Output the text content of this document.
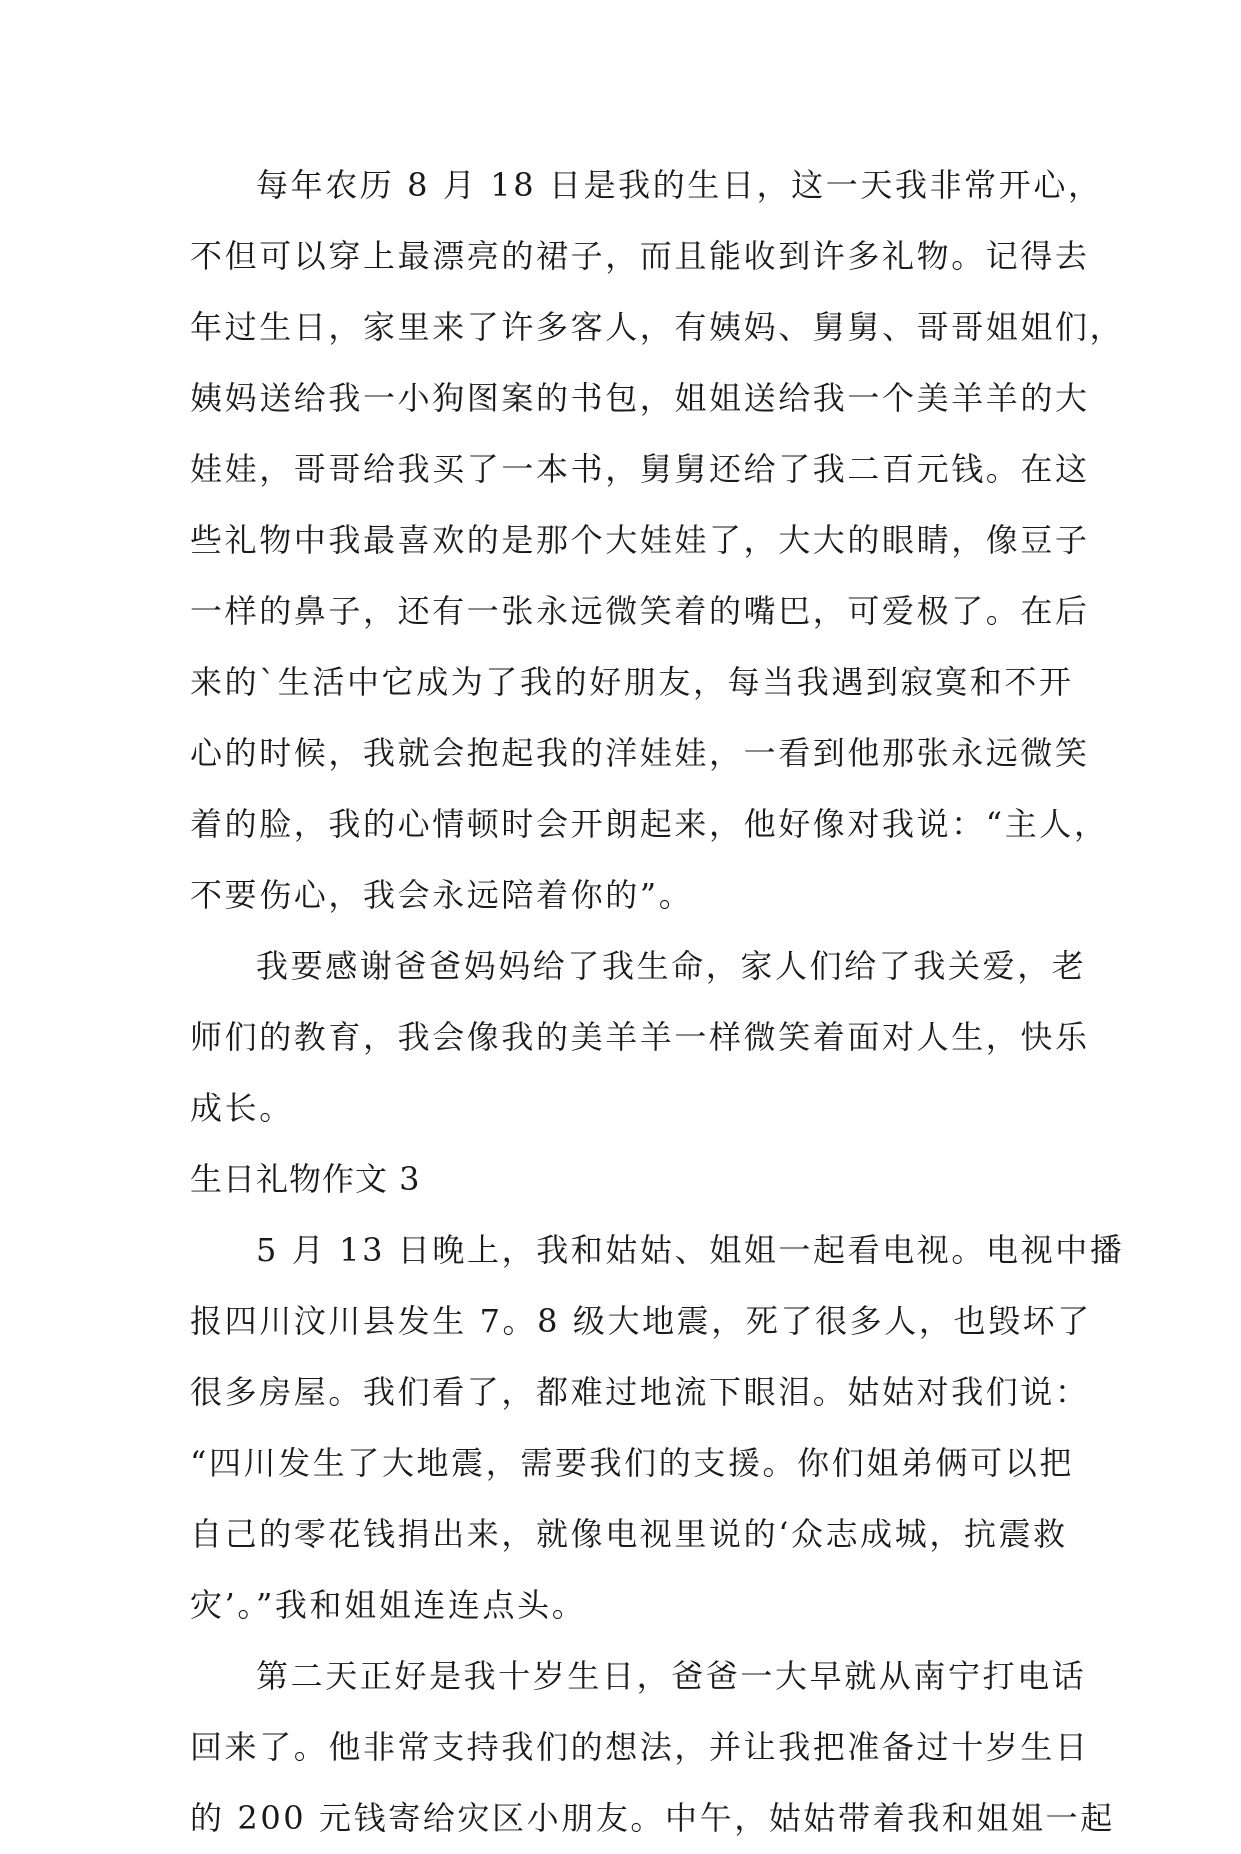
每年农历 8 月 18 日是我的生日，这一天我非常开心，
不但可以穿上最漂亮的裙子，而且能收到许多礼物。记得去
年过生日，家里来了许多客人，有姨妈、舅舅、哥哥姐姐们，
姨妈送给我一小狗图案的书包，姐姐送给我一个美羊羊的大
娃娃，哥哥给我买了一本书，舅舅还给了我二百元钱。在这
些礼物中我最喜欢的是那个大娃娃了，大大的眼睛，像豆子
一样的鼻子，还有一张永远微笑着的嘴巴，可爱极了。在后
来的`生活中它成为了我的好朋友，每当我遇到寂寞和不开
心的时候，我就会抱起我的洋娃娃，一看到他那张永远微笑
着的脸，我的心情顿时会开朗起来，他好像对我说：“主人，
不要伤心，我会永远陪着你的”。
我要感谢爸爸妈妈给了我生命，家人们给了我关爱，老
师们的教育，我会像我的美羊羊一样微笑着面对人生，快乐
成长。
生日礼物作文 3
5 月 13 日晚上，我和姑姑、姐姐一起看电视。电视中播
报四川汶川县发生 7。8 级大地震，死了很多人，也毁坏了
很多房屋。我们看了，都难过地流下眼泪。姑姑对我们说：
“四川发生了大地震，需要我们的支援。你们姐弟俩可以把
自己的零花钱捐出来，就像电视里说的‘众志成城，抗震救
灾’。”我和姐姐连连点头。
第二天正好是我十岁生日，爸爸一大早就从南宁打电话
回来了。他非常支持我们的想法，并让我把准备过十岁生日
的 200 元钱寄给灾区小朋友。中午，姑姑带着我和姐姐一起
